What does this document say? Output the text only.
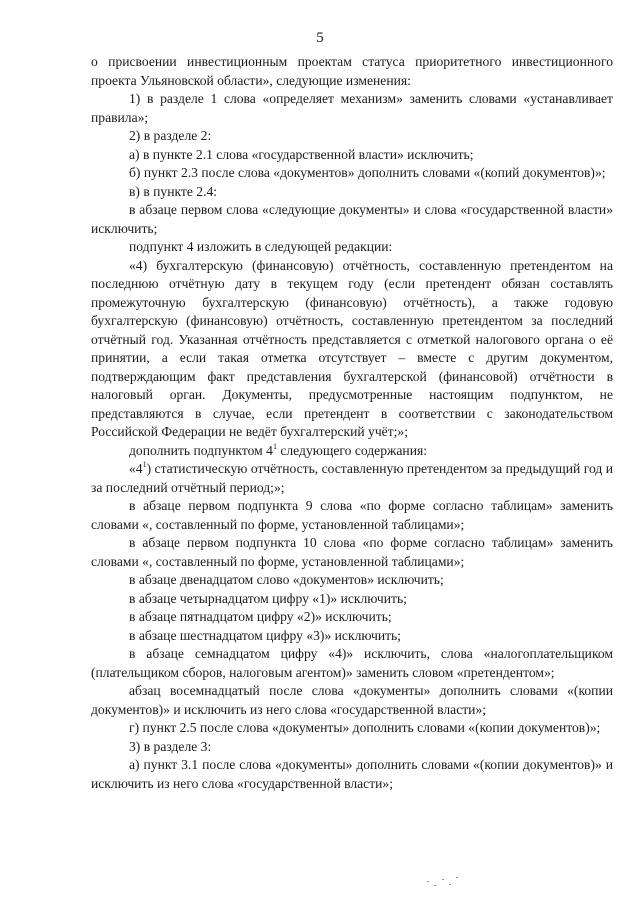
5

о присвоении инвестиционным проектам статуса приоритетного инвестиционного проекта Ульяновской области», следующие изменения:

1) в разделе 1 слова «определяет механизм» заменить словами «устанавливает правила»;

2) в разделе 2:

а) в пункте 2.1 слова «государственной власти» исключить;

б) пункт 2.3 после слова «документов» дополнить словами «(копий документов)»;

в) в пункте 2.4:

в абзаце первом слова «следующие документы» и слова «государственной власти» исключить;

подпункт 4 изложить в следующей редакции:

«4) бухгалтерскую (финансовую) отчётность, составленную претендентом на последнюю отчётную дату в текущем году (если претендент обязан составлять промежуточную бухгалтерскую (финансовую) отчётность), а также годовую бухгалтерскую (финансовую) отчётность, составленную претендентом за последний отчётный год. Указанная отчётность представляется с отметкой налогового органа о её принятии, а если такая отметка отсутствует – вместе с другим документом, подтверждающим факт представления бухгалтерской (финансовой) отчётности в налоговый орган. Документы, предусмотренные настоящим подпунктом, не представляются в случае, если претендент в соответствии с законодательством Российской Федерации не ведёт бухгалтерский учёт;»;

дополнить подпунктом $4^1$ следующего содержания:

«$4^1$) статистическую отчётность, составленную претендентом за предыдущий год и за последний отчётный период;»;

в абзаце первом подпункта 9 слова «по форме согласно таблицам» заменить словами «, составленный по форме, установленной таблицами»;

в абзаце первом подпункта 10 слова «по форме согласно таблицам» заменить словами «, составленный по форме, установленной таблицами»;

в абзаце двенадцатом слово «документов» исключить;

в абзаце четырнадцатом цифру «1)» исключить;

в абзаце пятнадцатом цифру «2)» исключить;

в абзаце шестнадцатом цифру «3)» исключить;

в абзаце семнадцатом цифру «4)» исключить, слова «налогоплательщиком (плательщиком сборов, налоговым агентом)» заменить словом «претендентом»;

абзац восемнадцатый после слова «документы» дополнить словами «(копии документов)» и исключить из него слова «государственной власти»;

г) пункт 2.5 после слова «документы» дополнить словами «(копии документов)»;

3) в разделе 3:

а) пункт 3.1 после слова «документы» дополнить словами «(копии документов)» и исключить из него слова «государственной власти»;
